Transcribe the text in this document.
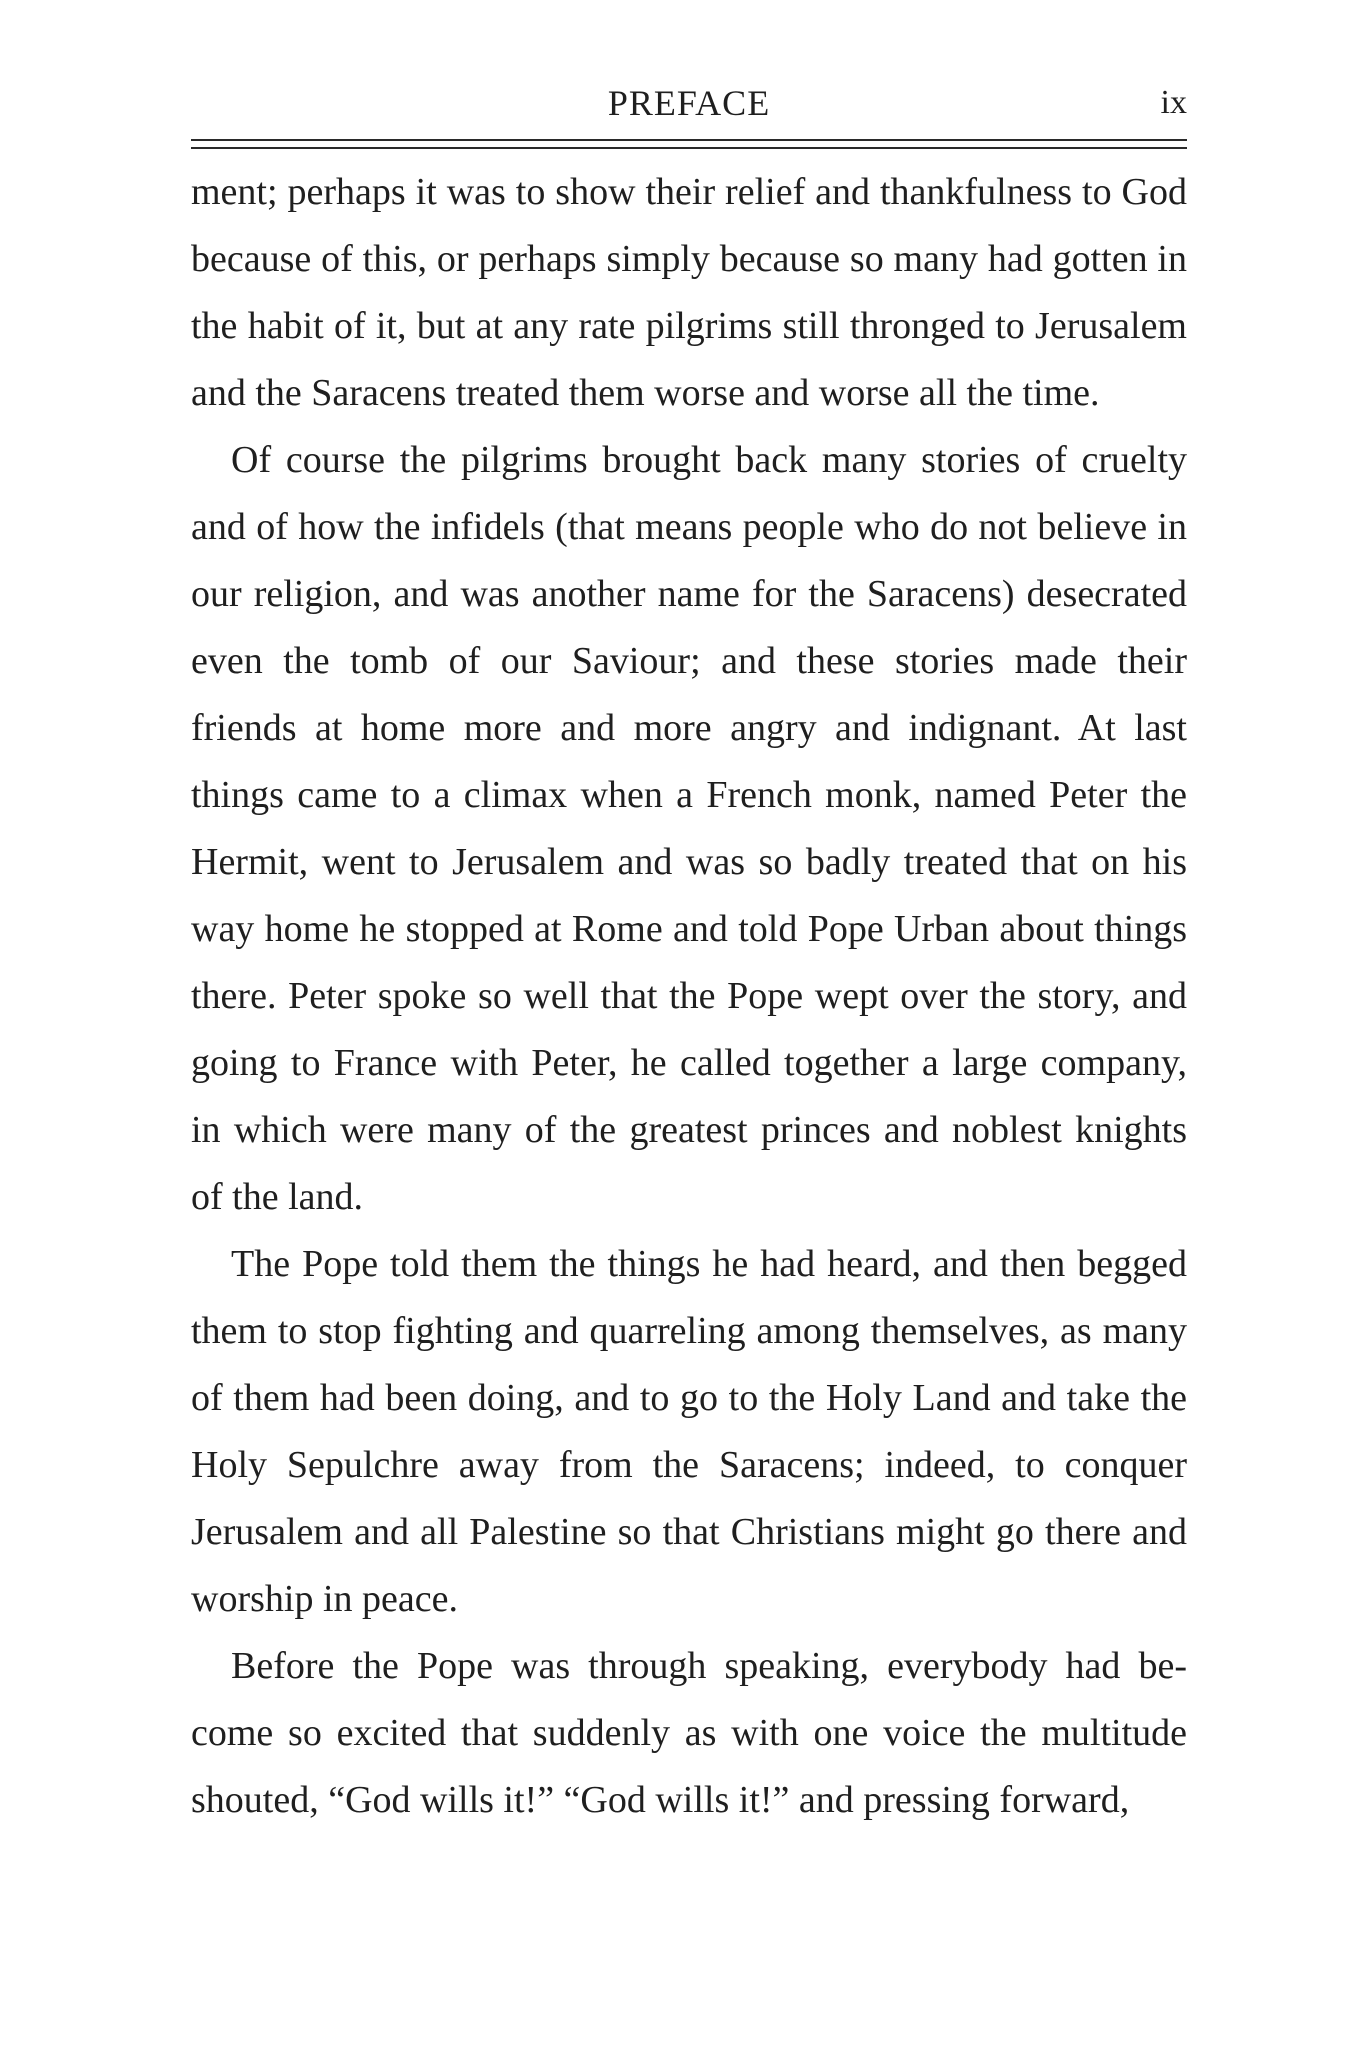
PREFACE	ix

ment; perhaps it was to show their relief and thankfulness to God because of this, or perhaps simply because so many had gotten in the habit of it, but at any rate pilgrims still thronged to Jerusalem and the Saracens treated them worse and worse all the time.

Of course the pilgrims brought back many stories of cruelty and of how the infidels (that means people who do not believe in our religion, and was another name for the Saracens) desecrated even the tomb of our Saviour; and these stories made their friends at home more and more angry and indignant. At last things came to a climax when a French monk, named Peter the Hermit, went to Jerusalem and was so badly treated that on his way home he stopped at Rome and told Pope Urban about things there. Peter spoke so well that the Pope wept over the story, and going to France with Peter, he called together a large company, in which were many of the greatest princes and noblest knights of the land.

The Pope told them the things he had heard, and then begged them to stop fighting and quarreling among themselves, as many of them had been doing, and to go to the Holy Land and take the Holy Sepulchre away from the Saracens; indeed, to conquer Jerusalem and all Palestine so that Christians might go there and worship in peace.

Before the Pope was through speaking, everybody had become so excited that suddenly as with one voice the multitude shouted, “God wills it!” “God wills it!” and pressing forward,
